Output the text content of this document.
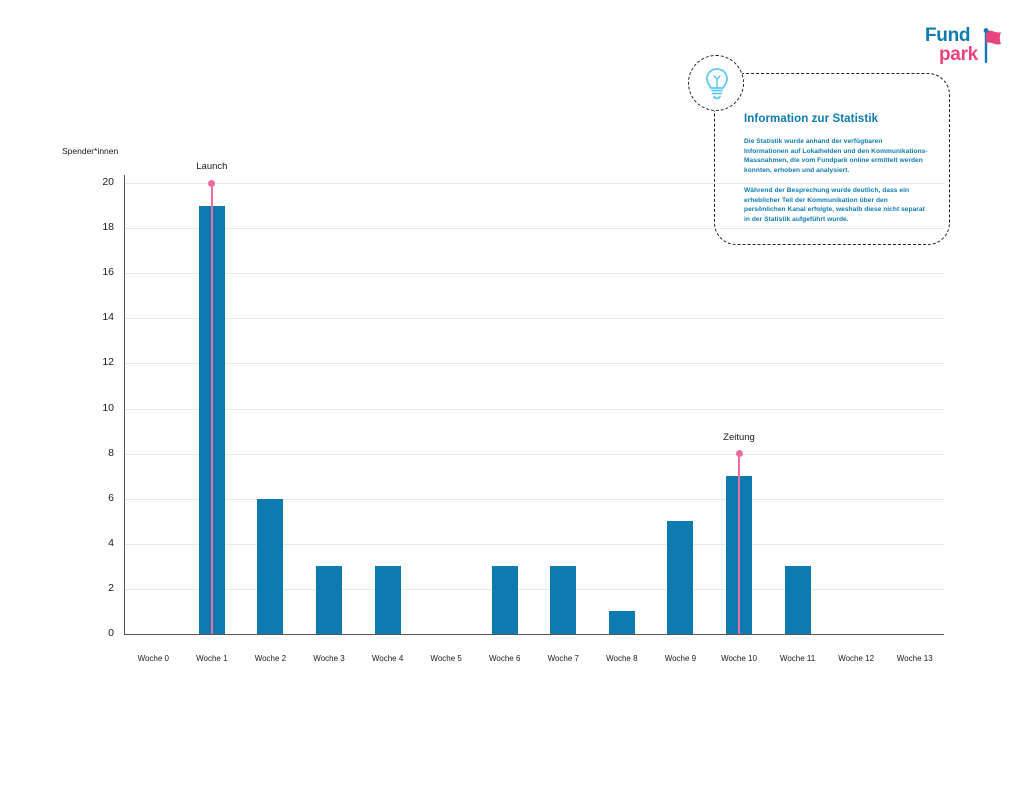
Fund
park
Information zur Statistik
Die Statistik wurde anhand der verfügbaren Informationen auf Lokalhelden und den Kommunikations-Massnahmen, die vom Fundpark online ermittelt werden konnten, erhoben und analysiert.
Während der Besprechung wurde deutlich, dass ein erheblicher Teil der Kommunikation über den persönlichen Kanal erfolgte, weshalb diese nicht separat in der Statistik aufgeführt wurde.
Spender*innen
0
2
4
6
8
10
12
14
16
18
20
Launch
Zeitung
Woche 0	Woche 1	Woche 2	Woche 3	Woche 4	Woche 5	Woche 6	Woche 7	Woche 8	Woche 9	Woche 10	Woche 11	Woche 12	Woche 13
